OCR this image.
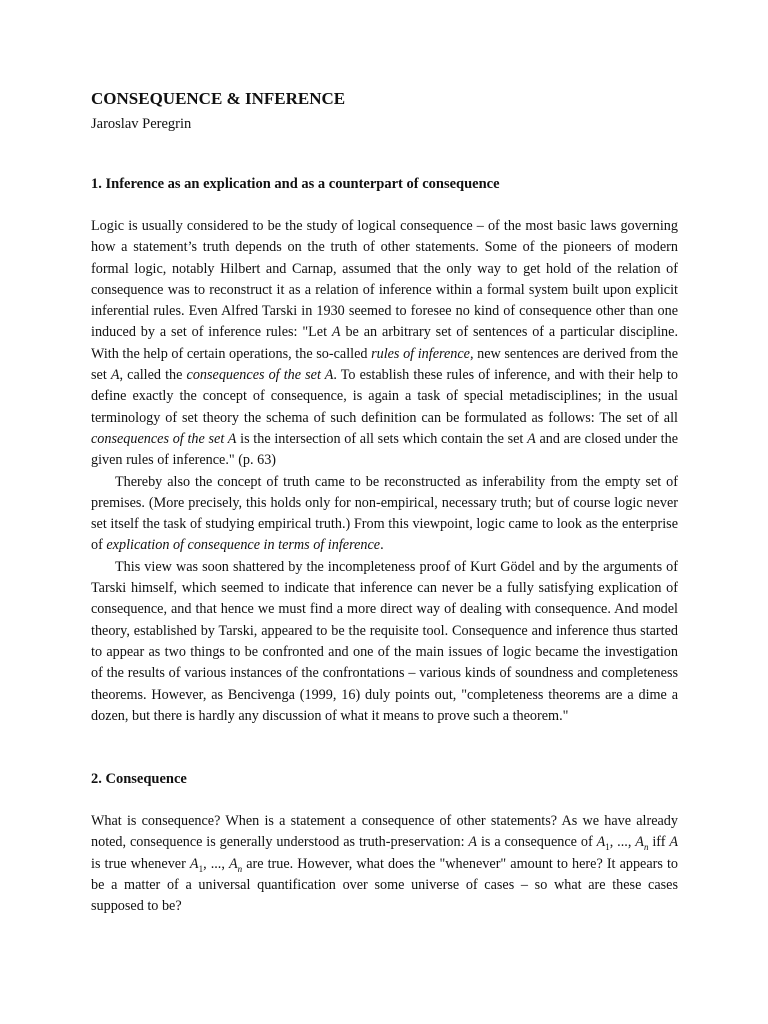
CONSEQUENCE & INFERENCE
Jaroslav Peregrin
1. Inference as an explication and as a counterpart of consequence

Logic is usually considered to be the study of logical consequence – of the most basic laws governing how a statement’s truth depends on the truth of other statements. Some of the pioneers of modern formal logic, notably Hilbert and Carnap, assumed that the only way to get hold of the relation of consequence was to reconstruct it as a relation of inference within a formal system built upon explicit inferential rules. Even Alfred Tarski in 1930 seemed to foresee no kind of consequence other than one induced by a set of inference rules: "Let A be an arbitrary set of sentences of a particular discipline. With the help of certain operations, the so-called rules of inference, new sentences are derived from the set A, called the consequences of the set A. To establish these rules of inference, and with their help to define exactly the concept of consequence, is again a task of special metadisciplines; in the usual terminology of set theory the schema of such definition can be formulated as follows: The set of all consequences of the set A is the intersection of all sets which contain the set A and are closed under the given rules of inference." (p. 63)

Thereby also the concept of truth came to be reconstructed as inferability from the empty set of premises. (More precisely, this holds only for non-empirical, necessary truth; but of course logic never set itself the task of studying empirical truth.) From this viewpoint, logic came to look as the enterprise of explication of consequence in terms of inference.

This view was soon shattered by the incompleteness proof of Kurt Gödel and by the arguments of Tarski himself, which seemed to indicate that inference can never be a fully satisfying explication of consequence, and that hence we must find a more direct way of dealing with consequence. And model theory, established by Tarski, appeared to be the requisite tool. Consequence and inference thus started to appear as two things to be confronted and one of the main issues of logic became the investigation of the results of various instances of the confrontations – various kinds of soundness and completeness theorems. However, as Bencivenga (1999, 16) duly points out, "completeness theorems are a dime a dozen, but there is hardly any discussion of what it means to prove such a theorem."

2. Consequence

What is consequence? When is a statement a consequence of other statements? As we have already noted, consequence is generally understood as truth-preservation: A is a consequence of $A_1$, ..., $A_n$ iff A is true whenever $A_1$, ..., $A_n$ are true. However, what does the "whenever" amount to here? It appears to be a matter of a universal quantification over some universe of cases – so what are these cases supposed to be?
